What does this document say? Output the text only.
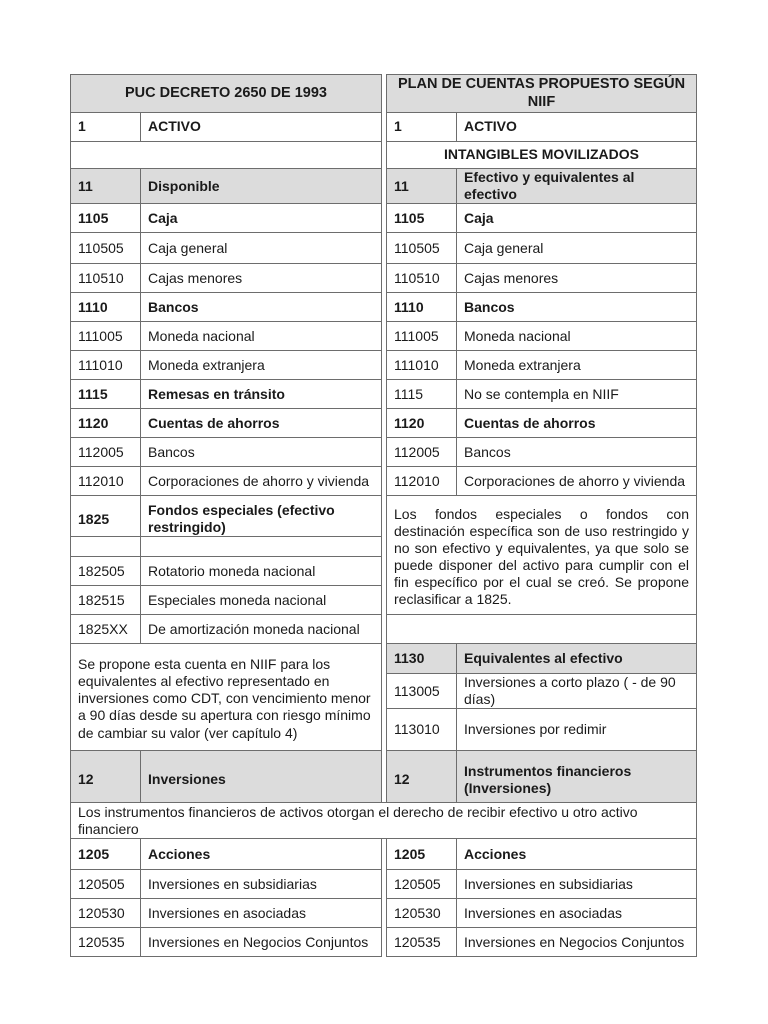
PUC DECRETO 2650 DE 1993			PLAN DE CUENTAS PROPUESTO SEGÚN NIIF	
1	ACTIVO		1	ACTIVO
			INTANGIBLES MOVILIZADOS	
11	Disponible		11	Efectivo y equivalentes al efectivo
1105	Caja		1105	Caja
110505	Caja general		110505	Caja general
110510	Cajas menores		110510	Cajas menores
1110	Bancos		1110	Bancos
111005	Moneda nacional		111005	Moneda nacional
111010	Moneda extranjera		111010	Moneda extranjera
1115	Remesas en tránsito		1115	No se contempla en NIIF
1120	Cuentas de ahorros		1120	Cuentas de ahorros
112005	Bancos		112005	Bancos
112010	Corporaciones de ahorro y vivienda		112010	Corporaciones de ahorro y vivienda
1825	Fondos especiales (efectivo restringido)		Los fondos especiales o fondos con destinación específica son de uso restringido y no son efectivo y equivalentes, ya que solo se puede disponer del activo para cumplir con el fin específico por el cual se creó. Se propone reclasificar a 1825.	

182505	Rotatorio moneda nacional			
182515	Especiales moneda nacional			
1825XX	De amortización moneda nacional			
Se propone esta cuenta en NIIF para los equivalentes al efectivo representado en inversiones como CDT, con vencimiento menor a 90 días desde su apertura con riesgo mínimo de cambiar su valor (ver capítulo 4)			1130	Equivalentes al efectivo
			113005	Inversiones a corto plazo ( - de 90 días)
			113010	Inversiones por redimir
12	Inversiones		12	Instrumentos financieros (Inversiones)
Los instrumentos financieros de activos otorgan el derecho de recibir efectivo u otro activo financiero				
1205	Acciones		1205	Acciones
120505	Inversiones en subsidiarias		120505	Inversiones en subsidiarias
120530	Inversiones en asociadas		120530	Inversiones en asociadas
120535	Inversiones en Negocios Conjuntos		120535	Inversiones en Negocios Conjuntos
